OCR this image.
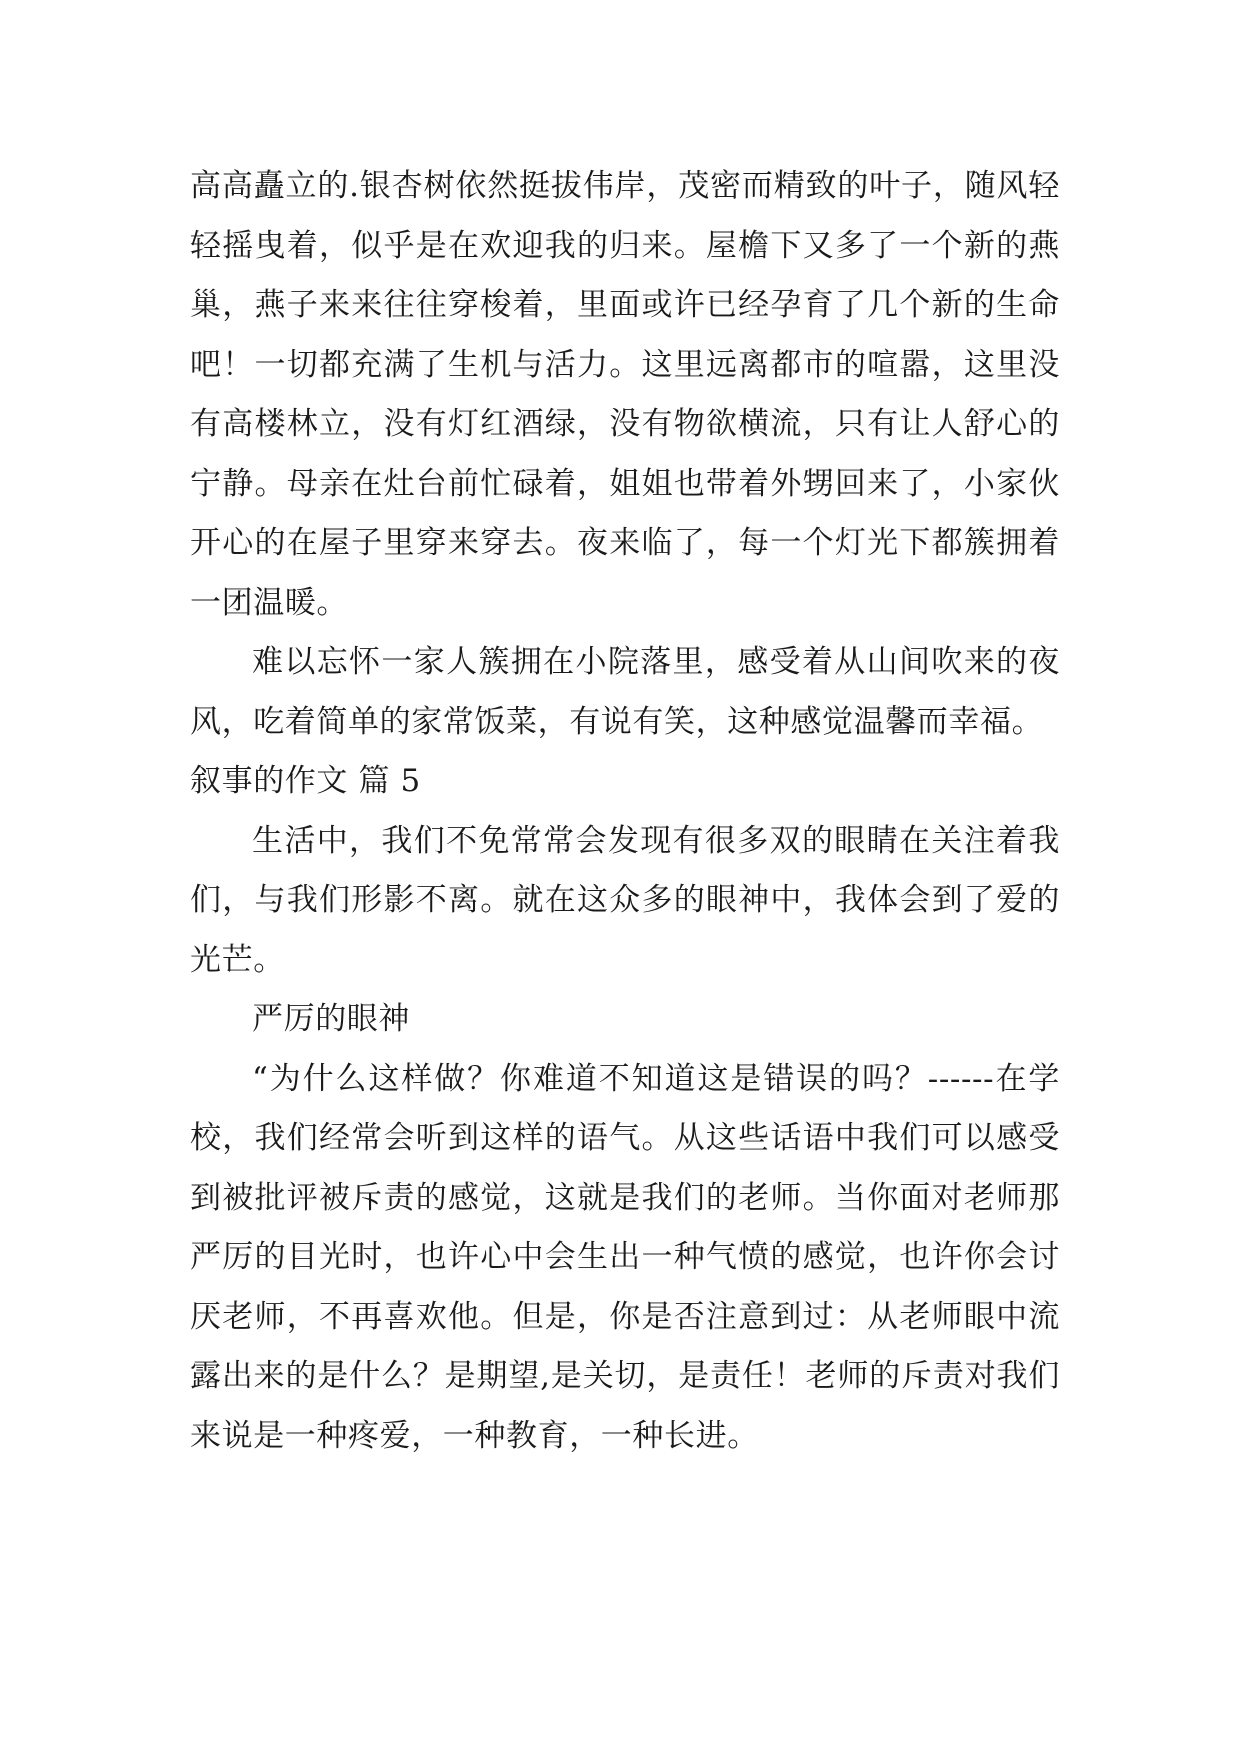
高高矗立的.银杏树依然挺拔伟岸，茂密而精致的叶子，随风轻轻摇曳着，似乎是在欢迎我的归来。屋檐下又多了一个新的燕巢，燕子来来往往穿梭着，里面或许已经孕育了几个新的生命吧！一切都充满了生机与活力。这里远离都市的喧嚣，这里没有高楼林立，没有灯红酒绿，没有物欲横流，只有让人舒心的宁静。母亲在灶台前忙碌着，姐姐也带着外甥回来了，小家伙开心的在屋子里穿来穿去。夜来临了，每一个灯光下都簇拥着一团温暖。

难以忘怀一家人簇拥在小院落里，感受着从山间吹来的夜风，吃着简单的家常饭菜，有说有笑，这种感觉温馨而幸福。

叙事的作文 篇 5

生活中，我们不免常常会发现有很多双的眼睛在关注着我们，与我们形影不离。就在这众多的眼神中，我体会到了爱的光芒。

严厉的眼神

“为什么这样做？你难道不知道这是错误的吗？------在学校，我们经常会听到这样的语气。从这些话语中我们可以感受到被批评被斥责的感觉，这就是我们的老师。当你面对老师那严厉的目光时，也许心中会生出一种气愤的感觉，也许你会讨厌老师，不再喜欢他。但是，你是否注意到过：从老师眼中流露出来的是什么？是期望,是关切，是责任！老师的斥责对我们来说是一种疼爱，一种教育，一种长进。
